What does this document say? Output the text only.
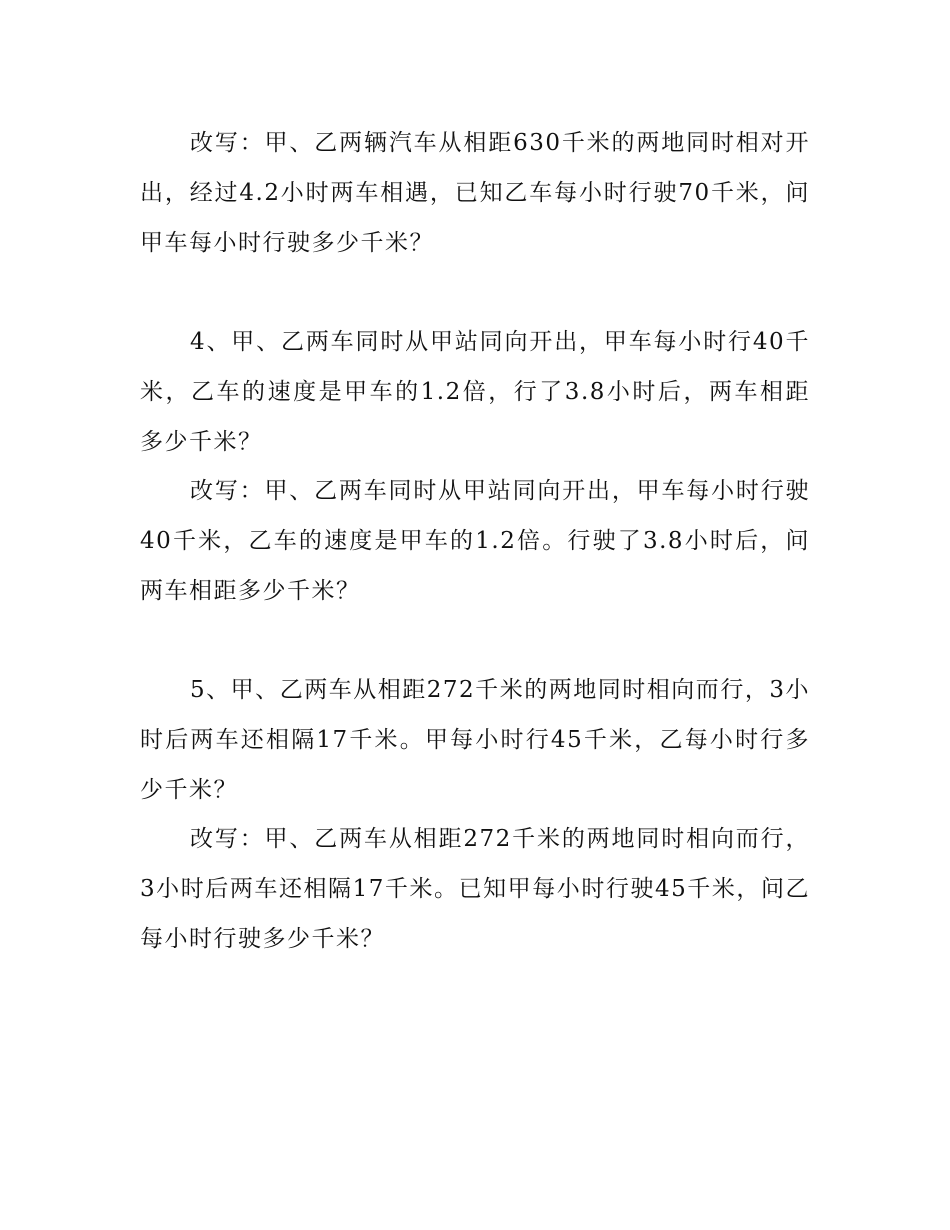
改写：甲、乙两辆汽车从相距630千米的两地同时相对开出，经过4.2小时两车相遇，已知乙车每小时行驶70千米，问甲车每小时行驶多少千米？

4、甲、乙两车同时从甲站同向开出，甲车每小时行40千米，乙车的速度是甲车的1.2倍，行了3.8小时后，两车相距多少千米？

改写：甲、乙两车同时从甲站同向开出，甲车每小时行驶40千米，乙车的速度是甲车的1.2倍。行驶了3.8小时后，问两车相距多少千米？

5、甲、乙两车从相距272千米的两地同时相向而行，3小时后两车还相隔17千米。甲每小时行45千米，乙每小时行多少千米？

改写：甲、乙两车从相距272千米的两地同时相向而行，3小时后两车还相隔17千米。已知甲每小时行驶45千米，问乙每小时行驶多少千米？
